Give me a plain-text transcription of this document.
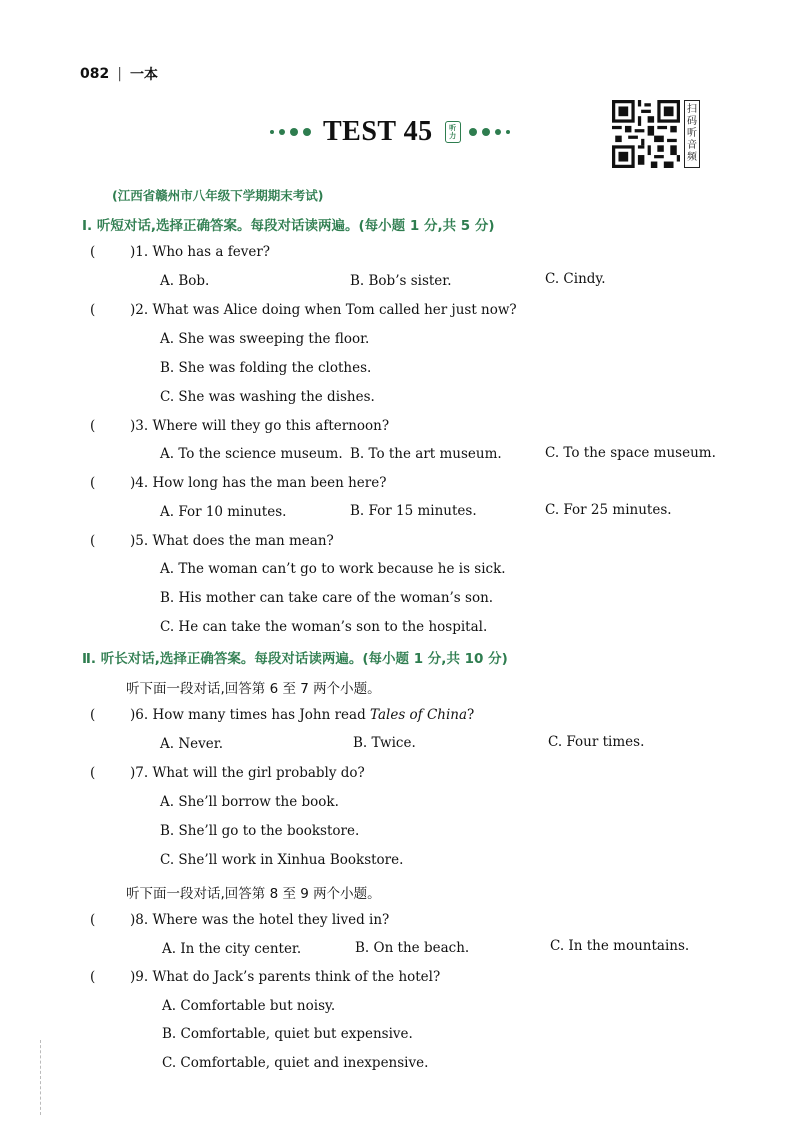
082 | 一本
TEST 45 听
力
扫
码
听
音
频
(江西省赣州市八年级下学期期末考试)
Ⅰ. 听短对话,选择正确答案。每段对话读两遍。(每小题 1 分,共 5 分)
(	)1. Who has a fever?
A. Bob.	B. Bob’s sister.	C. Cindy.
(	)2. What was Alice doing when Tom called her just now?
A. She was sweeping the floor.
B. She was folding the clothes.
C. She was washing the dishes.
(	)3. Where will they go this afternoon?
A. To the science museum. B. To the art museum.	C. To the space museum.
(	)4. How long has the man been here?
A. For 10 minutes.	B. For 15 minutes.	C. For 25 minutes.
(	)5. What does the man mean?
A. The woman can’t go to work because he is sick.
B. His mother can take care of the woman’s son.
C. He can take the woman’s son to the hospital.
Ⅱ. 听长对话,选择正确答案。每段对话读两遍。(每小题 1 分,共 10 分)
听下面一段对话,回答第 6 至 7 两个小题。
(	)6. How many times has John read Tales of China?
A. Never.	B. Twice.	C. Four times.
(	)7. What will the girl probably do?
A. She’ll borrow the book.
B. She’ll go to the bookstore.
C. She’ll work in Xinhua Bookstore.
听下面一段对话,回答第 8 至 9 两个小题。
(	)8. Where was the hotel they lived in?
A. In the city center.	B. On the beach.	C. In the mountains.
(	)9. What do Jack’s parents think of the hotel?
A. Comfortable but noisy.
B. Comfortable, quiet but expensive.
C. Comfortable, quiet and inexpensive.
